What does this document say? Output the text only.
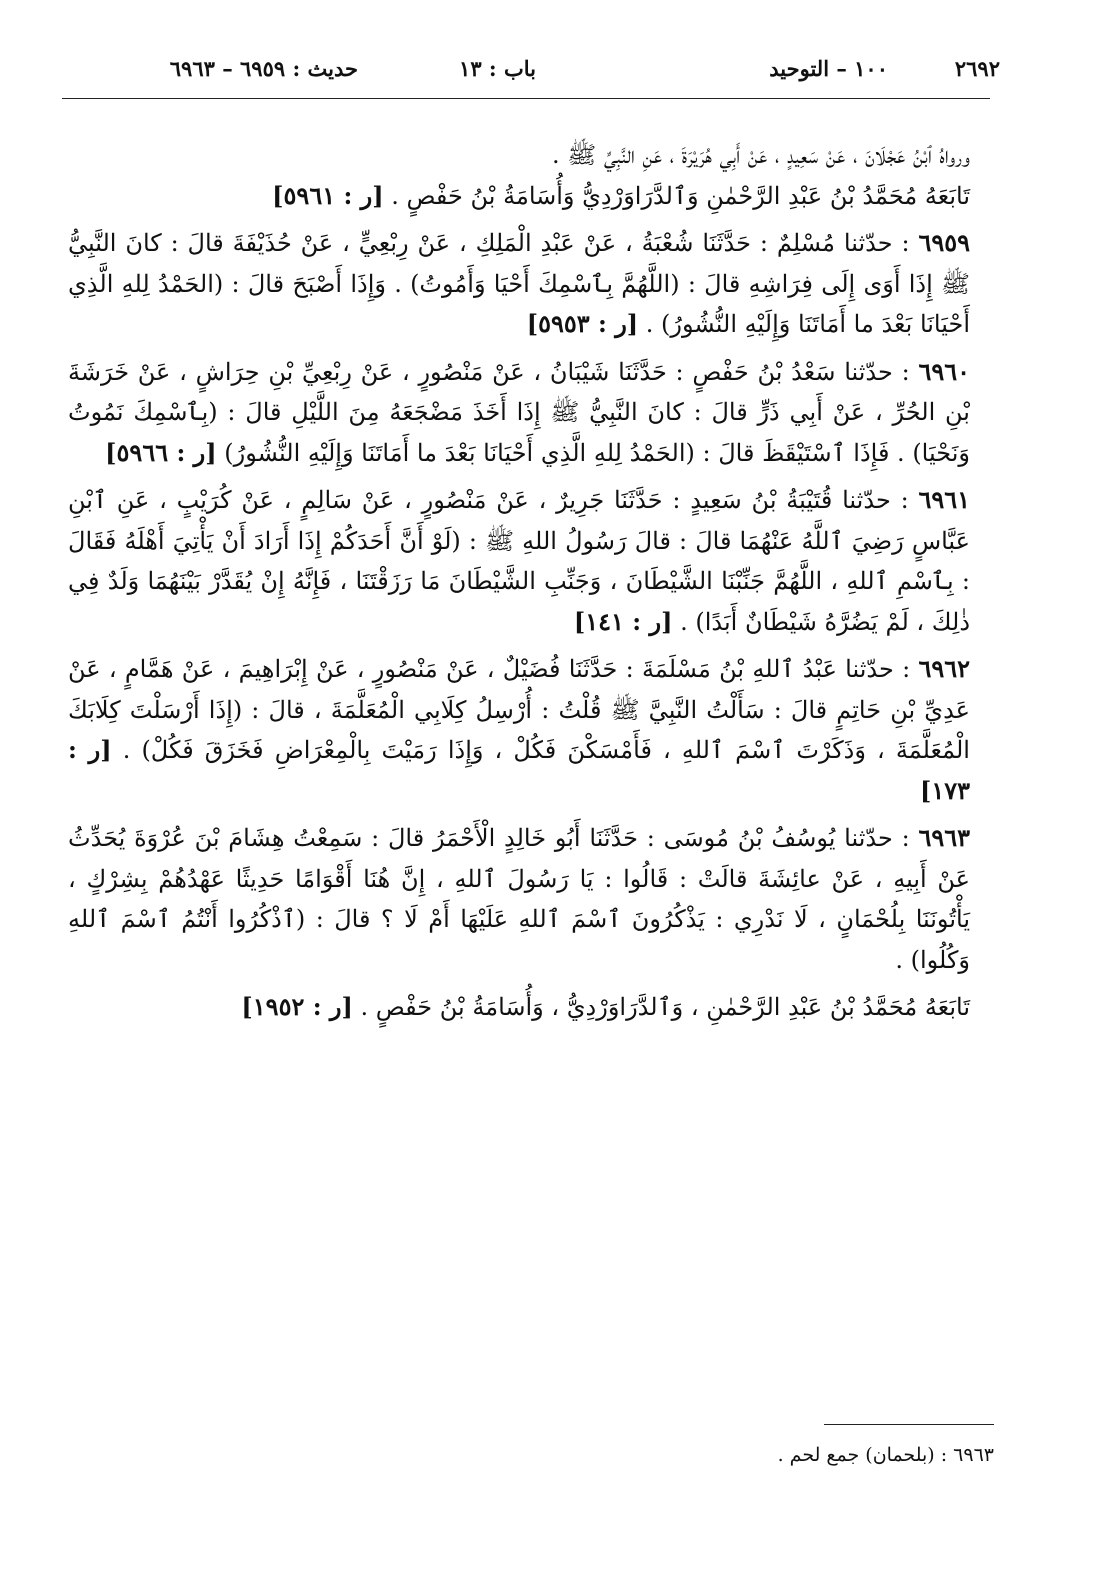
٢٦٩٢
١٠٠ – التوحيد
باب : ١٣
حديث : ٦٩٥٩ – ٦٩٦٣

ورواهُ ٱبْنُ عَجْلَانَ ، عَنْ سَعِيدٍ ، عَنْ أَبِي هُرَيْرَةَ ، عَنِ النَّبِيِّ ﷺ .

تَابَعَهُ مُحَمَّدُ بْنُ عَبْدِ الرَّحْمٰنِ وَٱلدَّرَاوَرْدِيُّ وَأُسَامَةُ بْنُ حَفْصٍ . [ر : ٥٩٦١]

٦٩٥٩ : حدّثنا مُسْلِمٌ : حَدَّثَنَا شُعْبَةُ ، عَنْ عَبْدِ الْمَلِكِ ، عَنْ رِبْعِيٍّ ، عَنْ حُذَيْفَةَ قالَ : كانَ النَّبِيُّ ﷺ إِذَا أَوَى إِلَى فِرَاشِهِ قالَ : (اللَّهُمَّ بِٱسْمِكَ أَحْيَا وَأَمُوتُ) . وَإِذَا أَصْبَحَ قالَ : (الحَمْدُ لِلهِ الَّذِي أَحْيَانَا بَعْدَ ما أَمَاتَنَا وَإِلَيْهِ النُّشُورُ) . [ر : ٥٩٥٣]

٦٩٦٠ : حدّثنا سَعْدُ بْنُ حَفْصٍ : حَدَّثَنَا شَيْبَانُ ، عَنْ مَنْصُورٍ ، عَنْ رِبْعِيِّ بْنِ حِرَاشٍ ، عَنْ خَرَشَةَ بْنِ الحُرِّ ، عَنْ أَبِي ذَرٍّ قالَ : كانَ النَّبِيُّ ﷺ إِذَا أَخَذَ مَضْجَعَهُ مِنَ اللَّيْلِ قالَ : (بِٱسْمِكَ نَمُوتُ وَنَحْيَا) . فَإِذَا ٱسْتَيْقَظَ قالَ : (الحَمْدُ لِلهِ الَّذِي أَحْيَانَا بَعْدَ ما أَمَاتَنَا وَإِلَيْهِ النُّشُورُ) [ر : ٥٩٦٦]

٦٩٦١ : حدّثنا قُتَيْبَةُ بْنُ سَعِيدٍ : حَدَّثَنَا جَرِيرٌ ، عَنْ مَنْصُورٍ ، عَنْ سَالِمٍ ، عَنْ كُرَيْبٍ ، عَنِ ٱبْنِ عَبَّاسٍ رَضِيَ ٱللَّهُ عَنْهُمَا قالَ : قالَ رَسُولُ اللهِ ﷺ : (لَوْ أَنَّ أَحَدَكُمْ إِذَا أَرَادَ أَنْ يَأْتِيَ أَهْلَهُ فَقَالَ : بِٱسْمِ ٱللهِ ، اللَّهُمَّ جَنِّبْنَا الشَّيْطَانَ ، وَجَنِّبِ الشَّيْطَانَ مَا رَزَقْتَنَا ، فَإِنَّهُ إِنْ يُقَدَّرْ بَيْنَهُمَا وَلَدٌ فِي ذٰلِكَ ، لَمْ يَضُرَّهُ شَيْطَانٌ أَبَدًا) . [ر : ١٤١]

٦٩٦٢ : حدّثنا عَبْدُ ٱللهِ بْنُ مَسْلَمَةَ : حَدَّثَنَا فُضَيْلٌ ، عَنْ مَنْصُورٍ ، عَنْ إِبْرَاهِيمَ ، عَنْ هَمَّامٍ ، عَنْ عَدِيِّ بْنِ حَاتِمٍ قالَ : سَأَلْتُ النَّبِيَّ ﷺ قُلْتُ : أُرْسِلُ كِلَابِي الْمُعَلَّمَةَ ، قالَ : (إِذَا أَرْسَلْتَ كِلَابَكَ الْمُعَلَّمَةَ ، وَذَكَرْتَ ٱسْمَ ٱللهِ ، فَأَمْسَكْنَ فَكُلْ ، وَإِذَا رَمَيْتَ بِالْمِعْرَاضِ فَخَزَقَ فَكُلْ) . [ر : ١٧٣]

٦٩٦٣ : حدّثنا يُوسُفُ بْنُ مُوسَى : حَدَّثَنَا أَبُو خَالِدٍ الْأَحْمَرُ قالَ : سَمِعْتُ هِشَامَ بْنَ عُرْوَةَ يُحَدِّثُ عَنْ أَبِيهِ ، عَنْ عائِشَةَ قالَتْ : قَالُوا : يَا رَسُولَ ٱللهِ ، إِنَّ هُنَا أَقْوَامًا حَدِيثًا عَهْدُهُمْ بِشِرْكٍ ، يَأْتُونَنَا بِلُحْمَانٍ ، لَا نَدْرِي : يَذْكُرُونَ ٱسْمَ ٱللهِ عَلَيْهَا أَمْ لَا ؟ قالَ : (ٱذْكُرُوا أَنْتُمُ ٱسْمَ ٱللهِ وَكُلُوا) .

تَابَعَهُ مُحَمَّدُ بْنُ عَبْدِ الرَّحْمٰنِ ، وَٱلدَّرَاوَرْدِيُّ ، وَأُسَامَةُ بْنُ حَفْصٍ . [ر : ١٩٥٢]

٦٩٦٣ : (بلحمان) جمع لحم .
